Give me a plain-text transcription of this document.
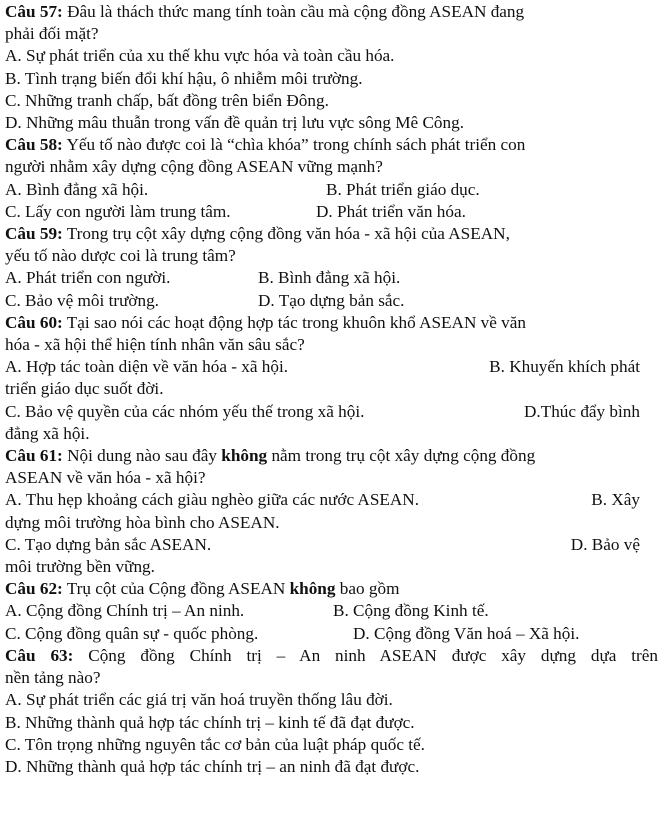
Câu 57: Đâu là thách thức mang tính toàn cầu mà cộng đồng ASEAN đang
phải đối mặt?
A. Sự phát triển của xu thế khu vực hóa và toàn cầu hóa.
B. Tình trạng biến đổi khí hậu, ô nhiễm môi trường.
C. Những tranh chấp, bất đồng trên biển Đông.
D. Những mâu thuẫn trong vấn đề quản trị lưu vực sông Mê Công.
Câu 58: Yếu tố nào được coi là “chìa khóa” trong chính sách phát triển con
người nhằm xây dựng cộng đồng ASEAN vững mạnh?
A. Bình đẳng xã hội.	B. Phát triển giáo dục.
C. Lấy con người làm trung tâm.	D. Phát triển văn hóa.
Câu 59: Trong trụ cột xây dựng cộng đồng văn hóa - xã hội của ASEAN,
yếu tố nào dược coi là trung tâm?
A. Phát triển con người.	B. Bình đẳng xã hội.
C. Bảo vệ môi trường.	D. Tạo dựng bản sắc.
Câu 60: Tại sao nói các hoạt động hợp tác trong khuôn khổ ASEAN về văn
hóa - xã hội thể hiện tính nhân văn sâu sắc?
A. Hợp tác toàn diện về văn hóa - xã hội.	B. Khuyến khích phát
triển giáo dục suốt đời.
C. Bảo vệ quyền của các nhóm yếu thế trong xã hội.	D.Thúc đẩy bình
đẳng xã hội.
Câu 61: Nội dung nào sau đây không nằm trong trụ cột xây dựng cộng đồng
ASEAN về văn hóa - xã hội?
A. Thu hẹp khoảng cách giàu nghèo giữa các nước ASEAN.	B. Xây
dựng môi trường hòa bình cho ASEAN.
C. Tạo dựng bản sắc ASEAN.	D. Bảo vệ
môi trường bền vững.
Câu 62: Trụ cột của Cộng đồng ASEAN không bao gồm
A. Cộng đồng Chính trị – An ninh.	B. Cộng đồng Kinh tế.
C. Cộng đồng quân sự - quốc phòng.	D. Cộng đồng Văn hoá – Xã hội.
Câu 63: Cộng đồng Chính trị – An ninh ASEAN được xây dựng dựa trên
nền tảng nào?
A. Sự phát triển các giá trị văn hoá truyền thống lâu đời.
B. Những thành quả hợp tác chính trị – kinh tế đã đạt được.
C. Tôn trọng những nguyên tắc cơ bản của luật pháp quốc tế.
D. Những thành quả hợp tác chính trị – an ninh đã đạt được.
